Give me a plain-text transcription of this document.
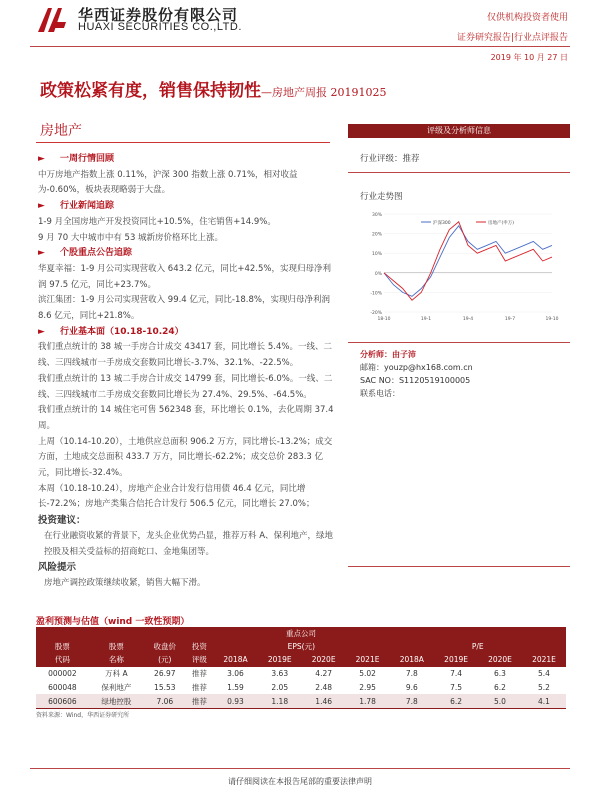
华西证券股份有限公司
HUAXI SECURITIES CO.,LTD.
仅供机构投资者使用
证券研究报告|行业点评报告
2019 年 10 月 27 日
政策松紧有度，销售保持韧性—房地产周报 20191025
房地产

► 一周行情回顾

中万房地产指数上涨 0.11%，沪深 300 指数上涨 0.71%，相对收益为-0.60%，板块表现略弱于大盘。

► 行业新闻追踪

1-9 月全国房地产开发投资同比+10.5%，住宅销售+14.9%。

9 月 70 大中城市中有 53 城新房价格环比上涨。

► 个股重点公告追踪

华夏幸福：1-9 月公司实现营收入 643.2 亿元，同比+42.5%，实现归母净利润 97.5 亿元，同比+23.7%。

滨江集团：1-9 月公司实现营收入 99.4 亿元，同比-18.8%，实现归母净利润 8.6 亿元，同比+21.8%。

► 行业基本面（10.18-10.24）

我们重点统计的 38 城一手房合计成交 43417 套，同比增长 5.4%。一线、二线、三四线城市一手房成交套数同比增长-3.7%、32.1%、-22.5%。

我们重点统计的 13 城二手房合计成交 14799 套，同比增长-6.0%。一线、二线、三四线城市二手房成交套数同比增长为 27.4%、29.5%、-64.5%。

我们重点统计的 14 城住宅可售 562348 套，环比增长 0.1%，去化周期 37.4 周。

上周（10.14-10.20），土地供应总面积 906.2 万方，同比增长-13.2%；成交方面，土地成交总面积 433.7 万方，同比增长-62.2%；成交总价 283.3 亿元，同比增长-32.4%。

本周（10.18-10.24），房地产企业合计发行信用债 46.4 亿元，同比增长-72.2%；房地产类集合信托合计发行 506.5 亿元，同比增长 27.0%；

投资建议：

在行业融资收紧的背景下，龙头企业优势凸显，推荐万科 A、保利地产，绿地控股及相关受益标的招商蛇口、金地集团等。

风险提示

房地产调控政策继续收紧，销售大幅下滑。

评级及分析师信息
行业评级：推荐
行业走势图
30%
20%
10%
0%
-10%
-20%
18-10	19-1	19-4	19-7	19-10
沪深300	房地产(申万)
分析师：由子沛
邮箱：youzp@hx168.com.cn
SAC NO：S1120519100005
联系电话：
盈利预测与估值（wind 一致性预期）
重点公司											
股票	股票	收盘价	投资	EPS(元)				P/E			
代码	名称	(元)	评级	2018A	2019E	2020E	2021E	2018A	2019E	2020E	2021E
000002	万科 A	26.97	推荐	3.06	3.63	4.27	5.02	7.8	7.4	6.3	5.4
600048	保利地产	15.53	推荐	1.59	2.05	2.48	2.95	9.6	7.5	6.2	5.2
600606	绿地控股	7.06	推荐	0.93	1.18	1.46	1.78	7.8	6.2	5.0	4.1
资料来源：Wind，华西证券研究所
请仔细阅读在本报告尾部的重要法律声明
